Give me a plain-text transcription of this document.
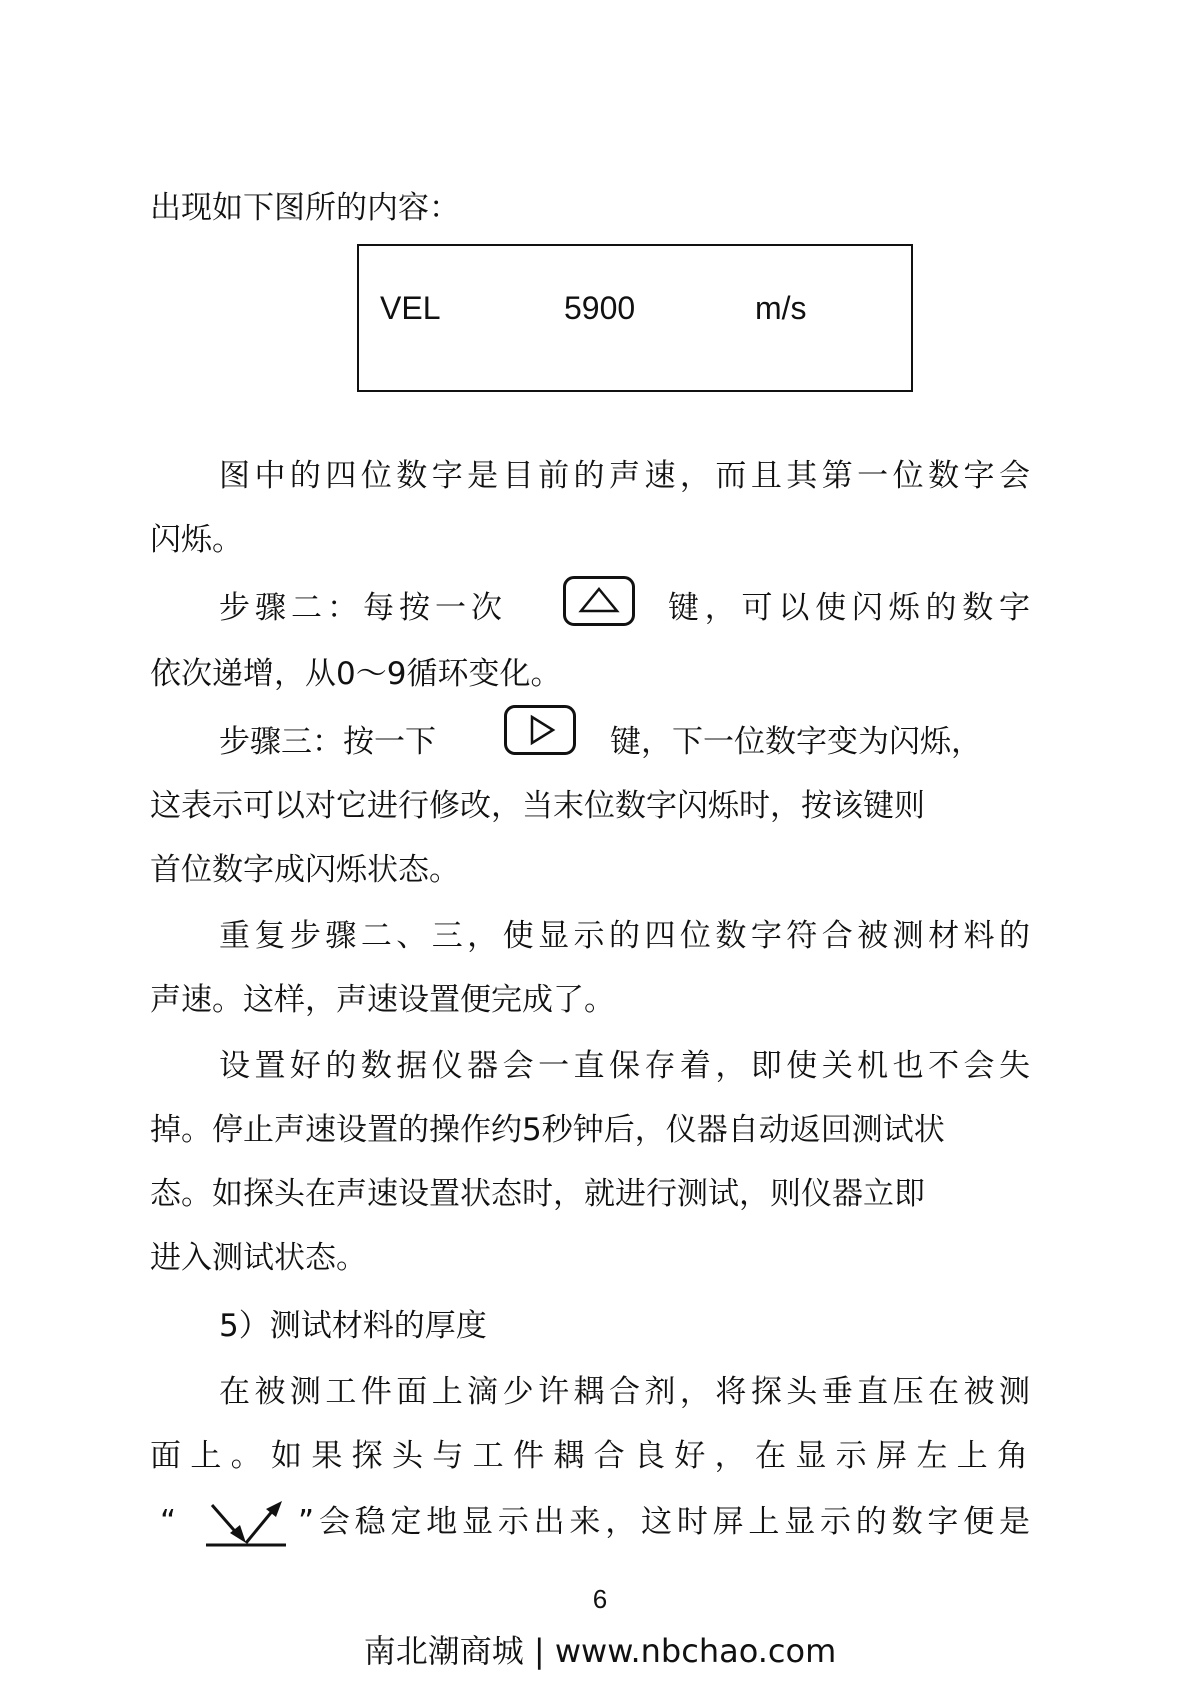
出现如下图所的内容：
VEL	5900	m/s
图中的四位数字是目前的声速，而且其第一位数字会
闪烁。
步骤二：每按一次	键，可以使闪烁的数字
依次递增，从0～9循环变化。
步骤三：按一下	键，下一位数字变为闪烁，
这表示可以对它进行修改，当末位数字闪烁时，按该键则
首位数字成闪烁状态。
重复步骤二、三，使显示的四位数字符合被测材料的
声速。这样，声速设置便完成了。
设置好的数据仪器会一直保存着，即使关机也不会失
掉。停止声速设置的操作约5秒钟后，仪器自动返回测试状
态。如探头在声速设置状态时，就进行测试，则仪器立即
进入测试状态。
5）测试材料的厚度
在被测工件面上滴少许耦合剂，将探头垂直压在被测
面上。如果探头与工件耦合良好，在显示屏左上角
“	”会稳定地显示出来，这时屏上显示的数字便是
6
南北潮商城 | www.nbchao.com
